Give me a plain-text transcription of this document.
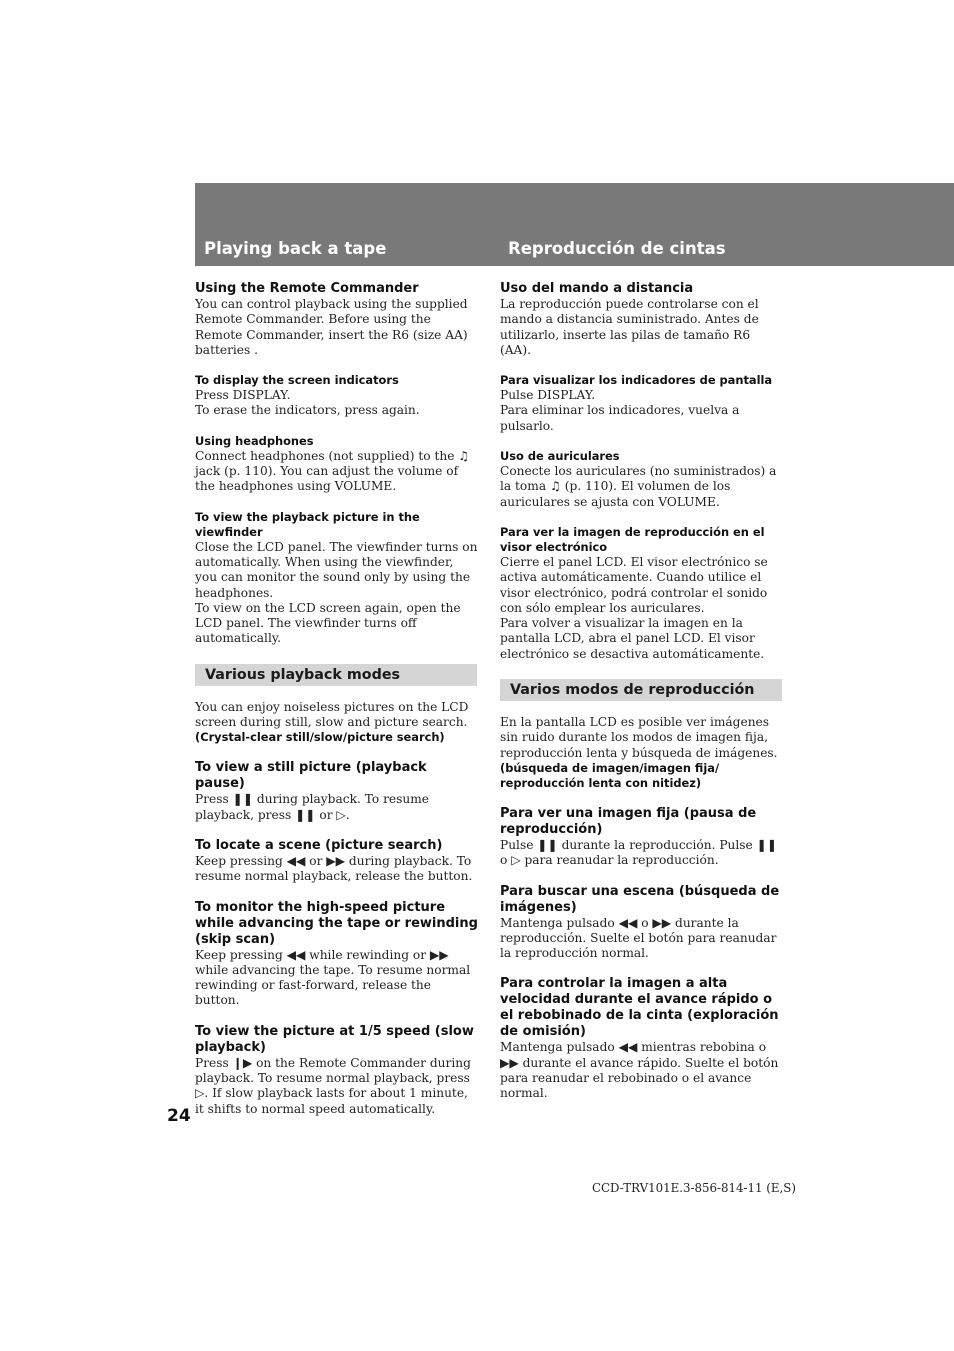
Playing back a tape	Reproducción de cintas

Using the Remote Commander

You can control playback using the supplied Remote Commander. Before using the Remote Commander, insert the R6 (size AA) batteries .

To display the screen indicators

Press DISPLAY.

To erase the indicators, press again.

Using headphones

Connect headphones (not supplied) to the ♫ jack (p. 110). You can adjust the volume of the headphones using VOLUME.

To view the playback picture in the viewfinder

Close the LCD panel. The viewfinder turns on automatically. When using the viewfinder, you can monitor the sound only by using the headphones.

To view on the LCD screen again, open the LCD panel. The viewfinder turns off automatically.

Various playback modes

You can enjoy noiseless pictures on the LCD screen during still, slow and picture search.

(Crystal-clear still/slow/picture search)

To view a still picture (playback pause)

Press ❚❚ during playback. To resume playback, press ❚❚ or ▷.

To locate a scene (picture search)

Keep pressing ◀◀ or ▶▶ during playback. To resume normal playback, release the button.

To monitor the high-speed picture while advancing the tape or rewinding (skip scan)

Keep pressing ◀◀ while rewinding or ▶▶ while advancing the tape. To resume normal rewinding or fast-forward, release the button.

To view the picture at 1/5 speed (slow playback)

Press ❙▶ on the Remote Commander during playback. To resume normal playback, press ▷. If slow playback lasts for about 1 minute, it shifts to normal speed automatically.

Uso del mando a distancia

La reproducción puede controlarse con el mando a distancia suministrado. Antes de utilizarlo, inserte las pilas de tamaño R6 (AA).

Para visualizar los indicadores de pantalla

Pulse DISPLAY.

Para eliminar los indicadores, vuelva a pulsarlo.

Uso de auriculares

Conecte los auriculares (no suministrados) a la toma ♫ (p. 110). El volumen de los auriculares se ajusta con VOLUME.

Para ver la imagen de reproducción en el visor electrónico

Cierre el panel LCD. El visor electrónico se activa automáticamente. Cuando utilice el visor electrónico, podrá controlar el sonido con sólo emplear los auriculares.

Para volver a visualizar la imagen en la pantalla LCD, abra el panel LCD. El visor electrónico se desactiva automáticamente.

Varios modos de reproducción

En la pantalla LCD es posible ver imágenes sin ruido durante los modos de imagen fija, reproducción lenta y búsqueda de imágenes.

(búsqueda de imagen/imagen fija/ reproducción lenta con nitidez)

Para ver una imagen fija (pausa de reproducción)

Pulse ❚❚ durante la reproducción. Pulse ❚❚ o ▷ para reanudar la reproducción.

Para buscar una escena (búsqueda de imágenes)

Mantenga pulsado ◀◀ o ▶▶ durante la reproducción. Suelte el botón para reanudar la reproducción normal.

Para controlar la imagen a alta velocidad durante el avance rápido o el rebobinado de la cinta (exploración de omisión)

Mantenga pulsado ◀◀ mientras rebobina o ▶▶ durante el avance rápido. Suelte el botón para reanudar el rebobinado o el avance normal.

24
CCD-TRV101E.3-856-814-11 (E,S)
